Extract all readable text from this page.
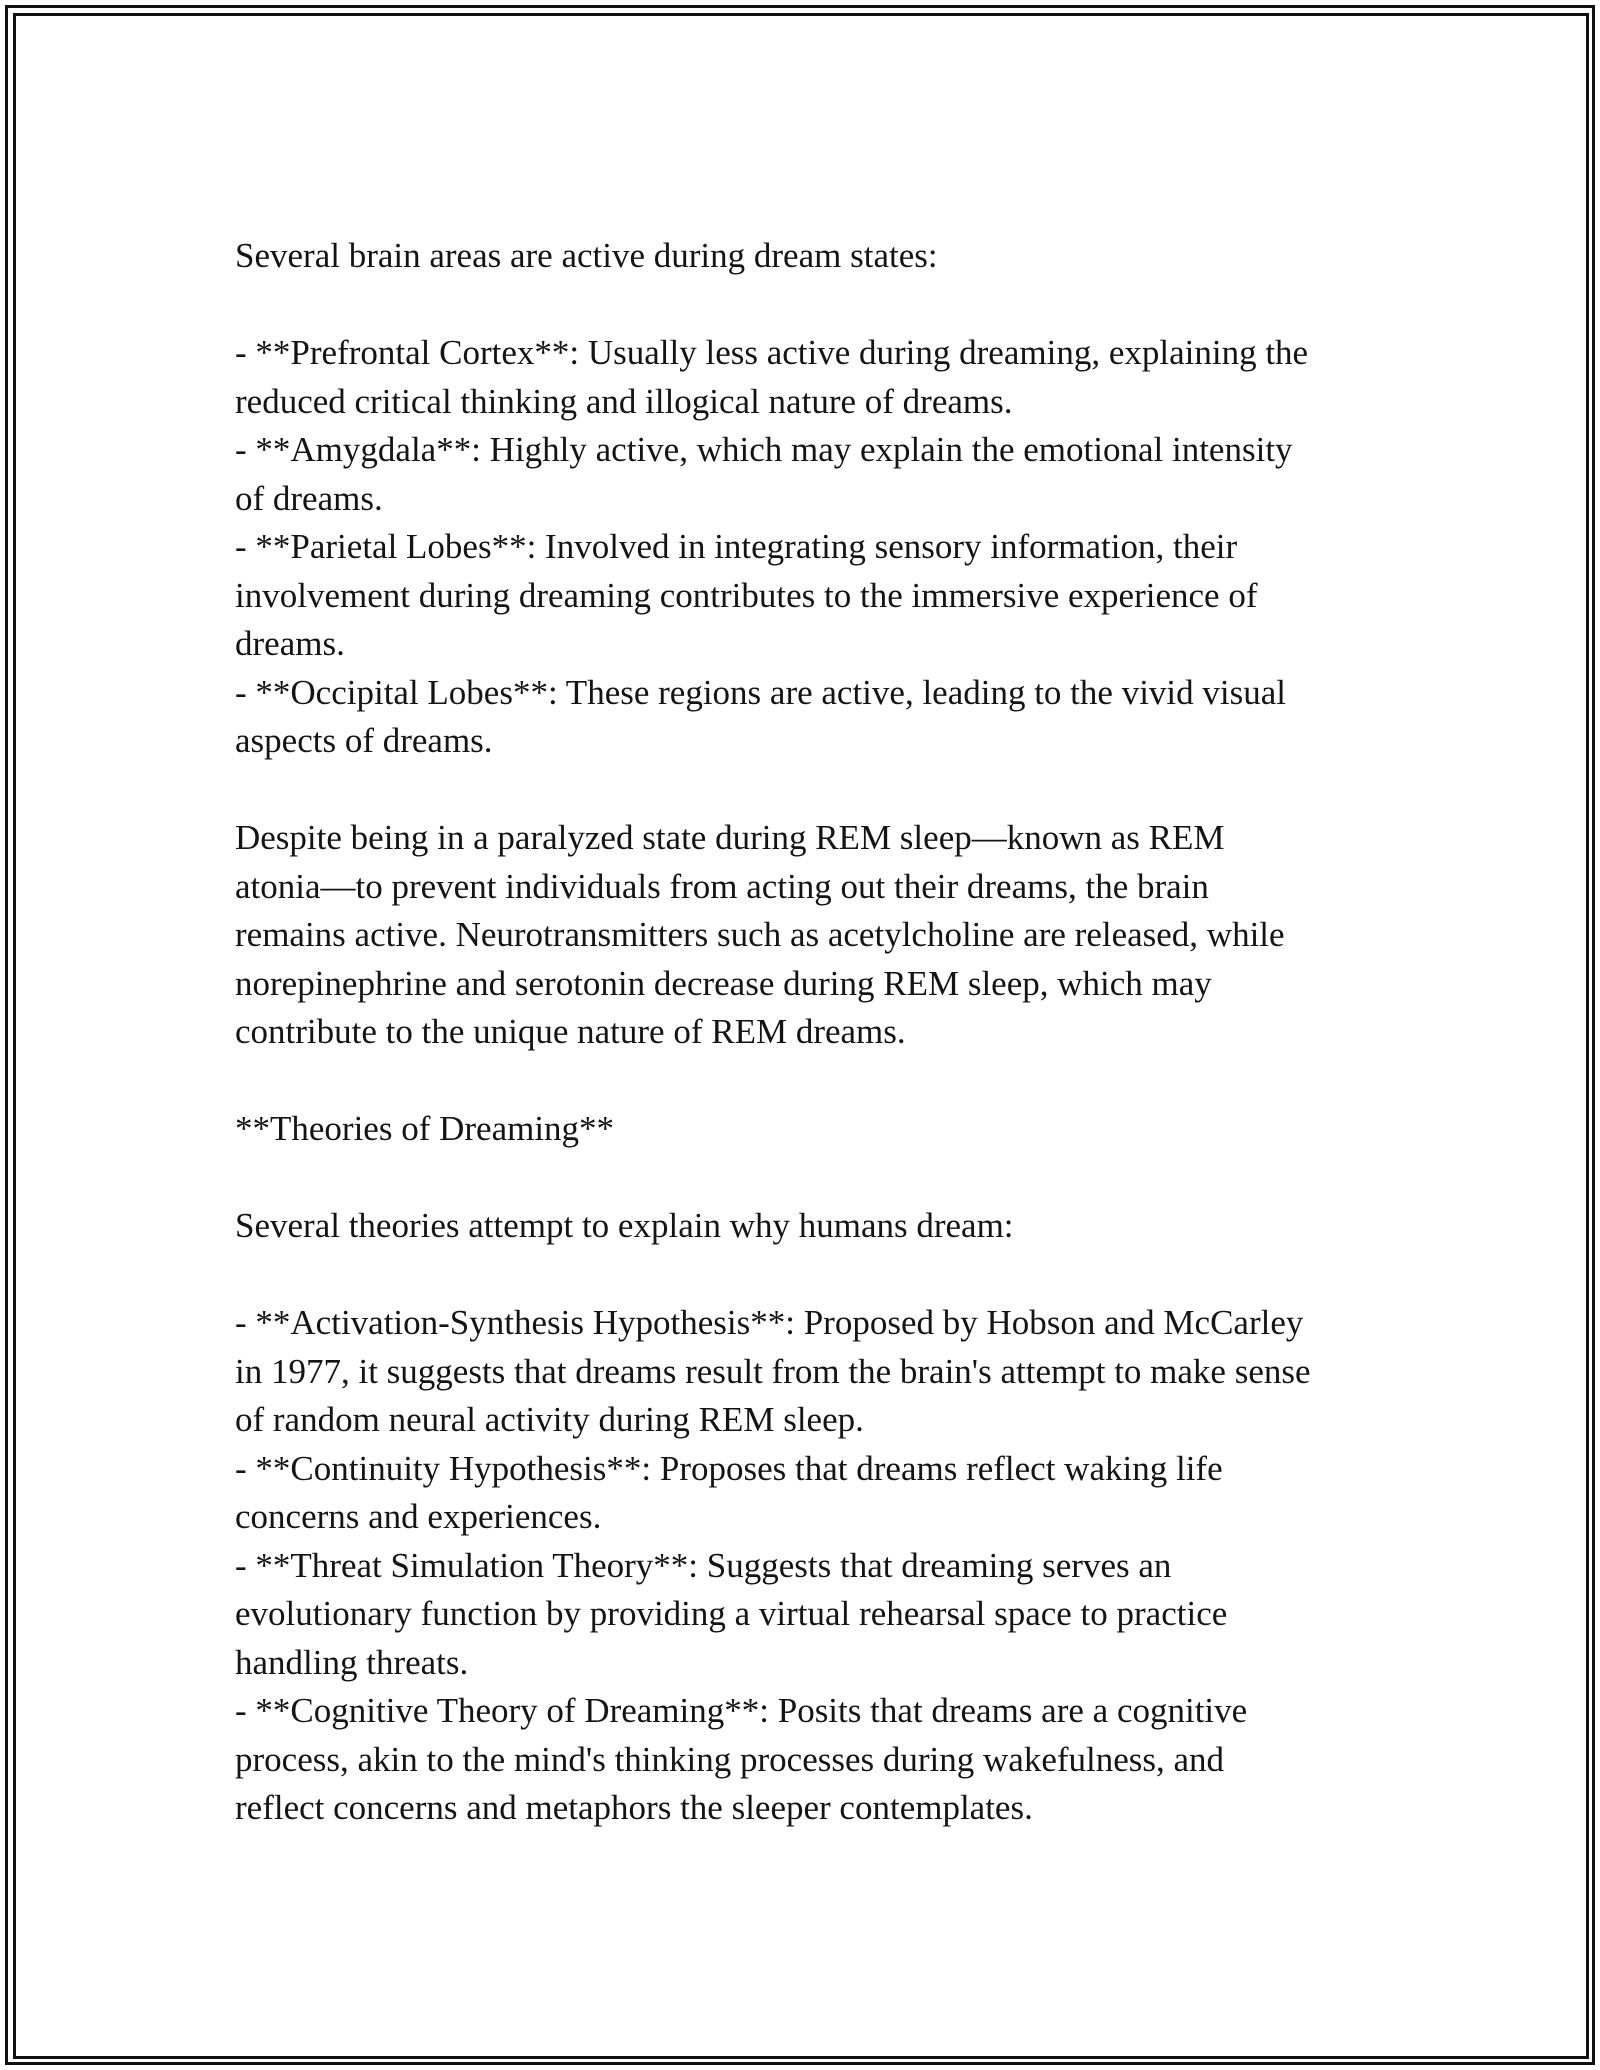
Several brain areas are active during dream states:
- **Prefrontal Cortex**: Usually less active during dreaming, explaining the
reduced critical thinking and illogical nature of dreams.
- **Amygdala**: Highly active, which may explain the emotional intensity
of dreams.
- **Parietal Lobes**: Involved in integrating sensory information, their
involvement during dreaming contributes to the immersive experience of
dreams.
- **Occipital Lobes**: These regions are active, leading to the vivid visual
aspects of dreams.
Despite being in a paralyzed state during REM sleep—known as REM
atonia—to prevent individuals from acting out their dreams, the brain
remains active. Neurotransmitters such as acetylcholine are released, while
norepinephrine and serotonin decrease during REM sleep, which may
contribute to the unique nature of REM dreams.
**Theories of Dreaming**
Several theories attempt to explain why humans dream:
- **Activation-Synthesis Hypothesis**: Proposed by Hobson and McCarley
in 1977, it suggests that dreams result from the brain's attempt to make sense
of random neural activity during REM sleep.
- **Continuity Hypothesis**: Proposes that dreams reflect waking life
concerns and experiences.
- **Threat Simulation Theory**: Suggests that dreaming serves an
evolutionary function by providing a virtual rehearsal space to practice
handling threats.
- **Cognitive Theory of Dreaming**: Posits that dreams are a cognitive
process, akin to the mind's thinking processes during wakefulness, and
reflect concerns and metaphors the sleeper contemplates.
